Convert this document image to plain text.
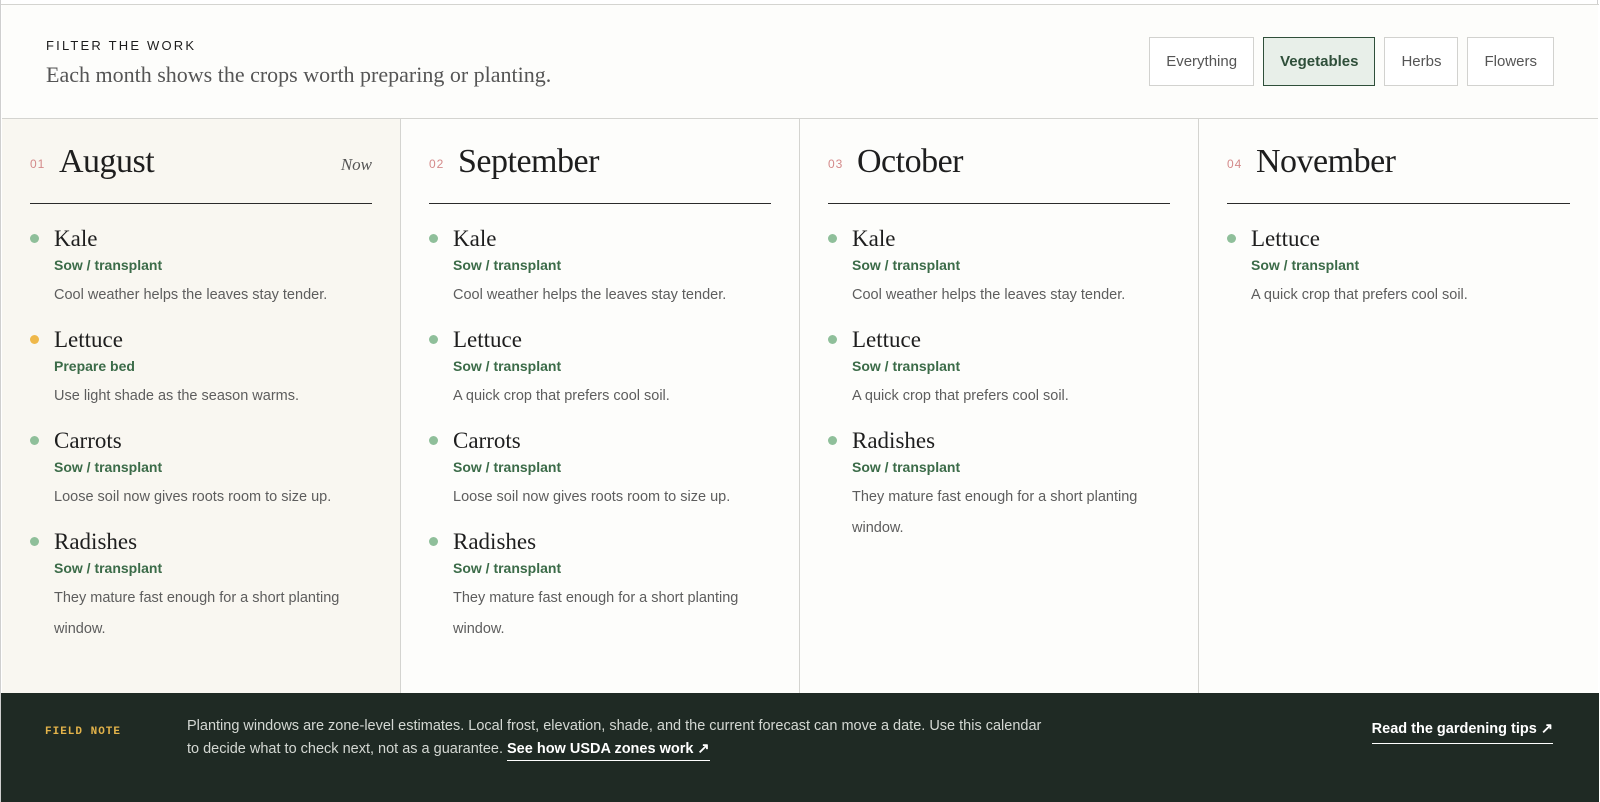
FILTER THE WORK
Each month shows the crops worth preparing or planting.
Everything	Vegetables	Herbs	Flowers
01 August	Now
Kale
Sow / transplant
Cool weather helps the leaves stay tender.
Lettuce
Prepare bed
Use light shade as the season warms.
Carrots
Sow / transplant
Loose soil now gives roots room to size up.
Radishes
Sow / transplant
They mature fast enough for a short planting window.
02 September
Kale
Sow / transplant
Cool weather helps the leaves stay tender.
Lettuce
Sow / transplant
A quick crop that prefers cool soil.
Carrots
Sow / transplant
Loose soil now gives roots room to size up.
Radishes
Sow / transplant
They mature fast enough for a short planting window.
03 October
Kale
Sow / transplant
Cool weather helps the leaves stay tender.
Lettuce
Sow / transplant
A quick crop that prefers cool soil.
Radishes
Sow / transplant
They mature fast enough for a short planting window.
04 November
Lettuce
Sow / transplant
A quick crop that prefers cool soil.
FIELD NOTE	Planting windows are zone-level estimates. Local frost, elevation, shade, and the current forecast can move a date. Use this calendar to decide what to check next, not as a guarantee. See how USDA zones work ↗
Read the gardening tips ↗
